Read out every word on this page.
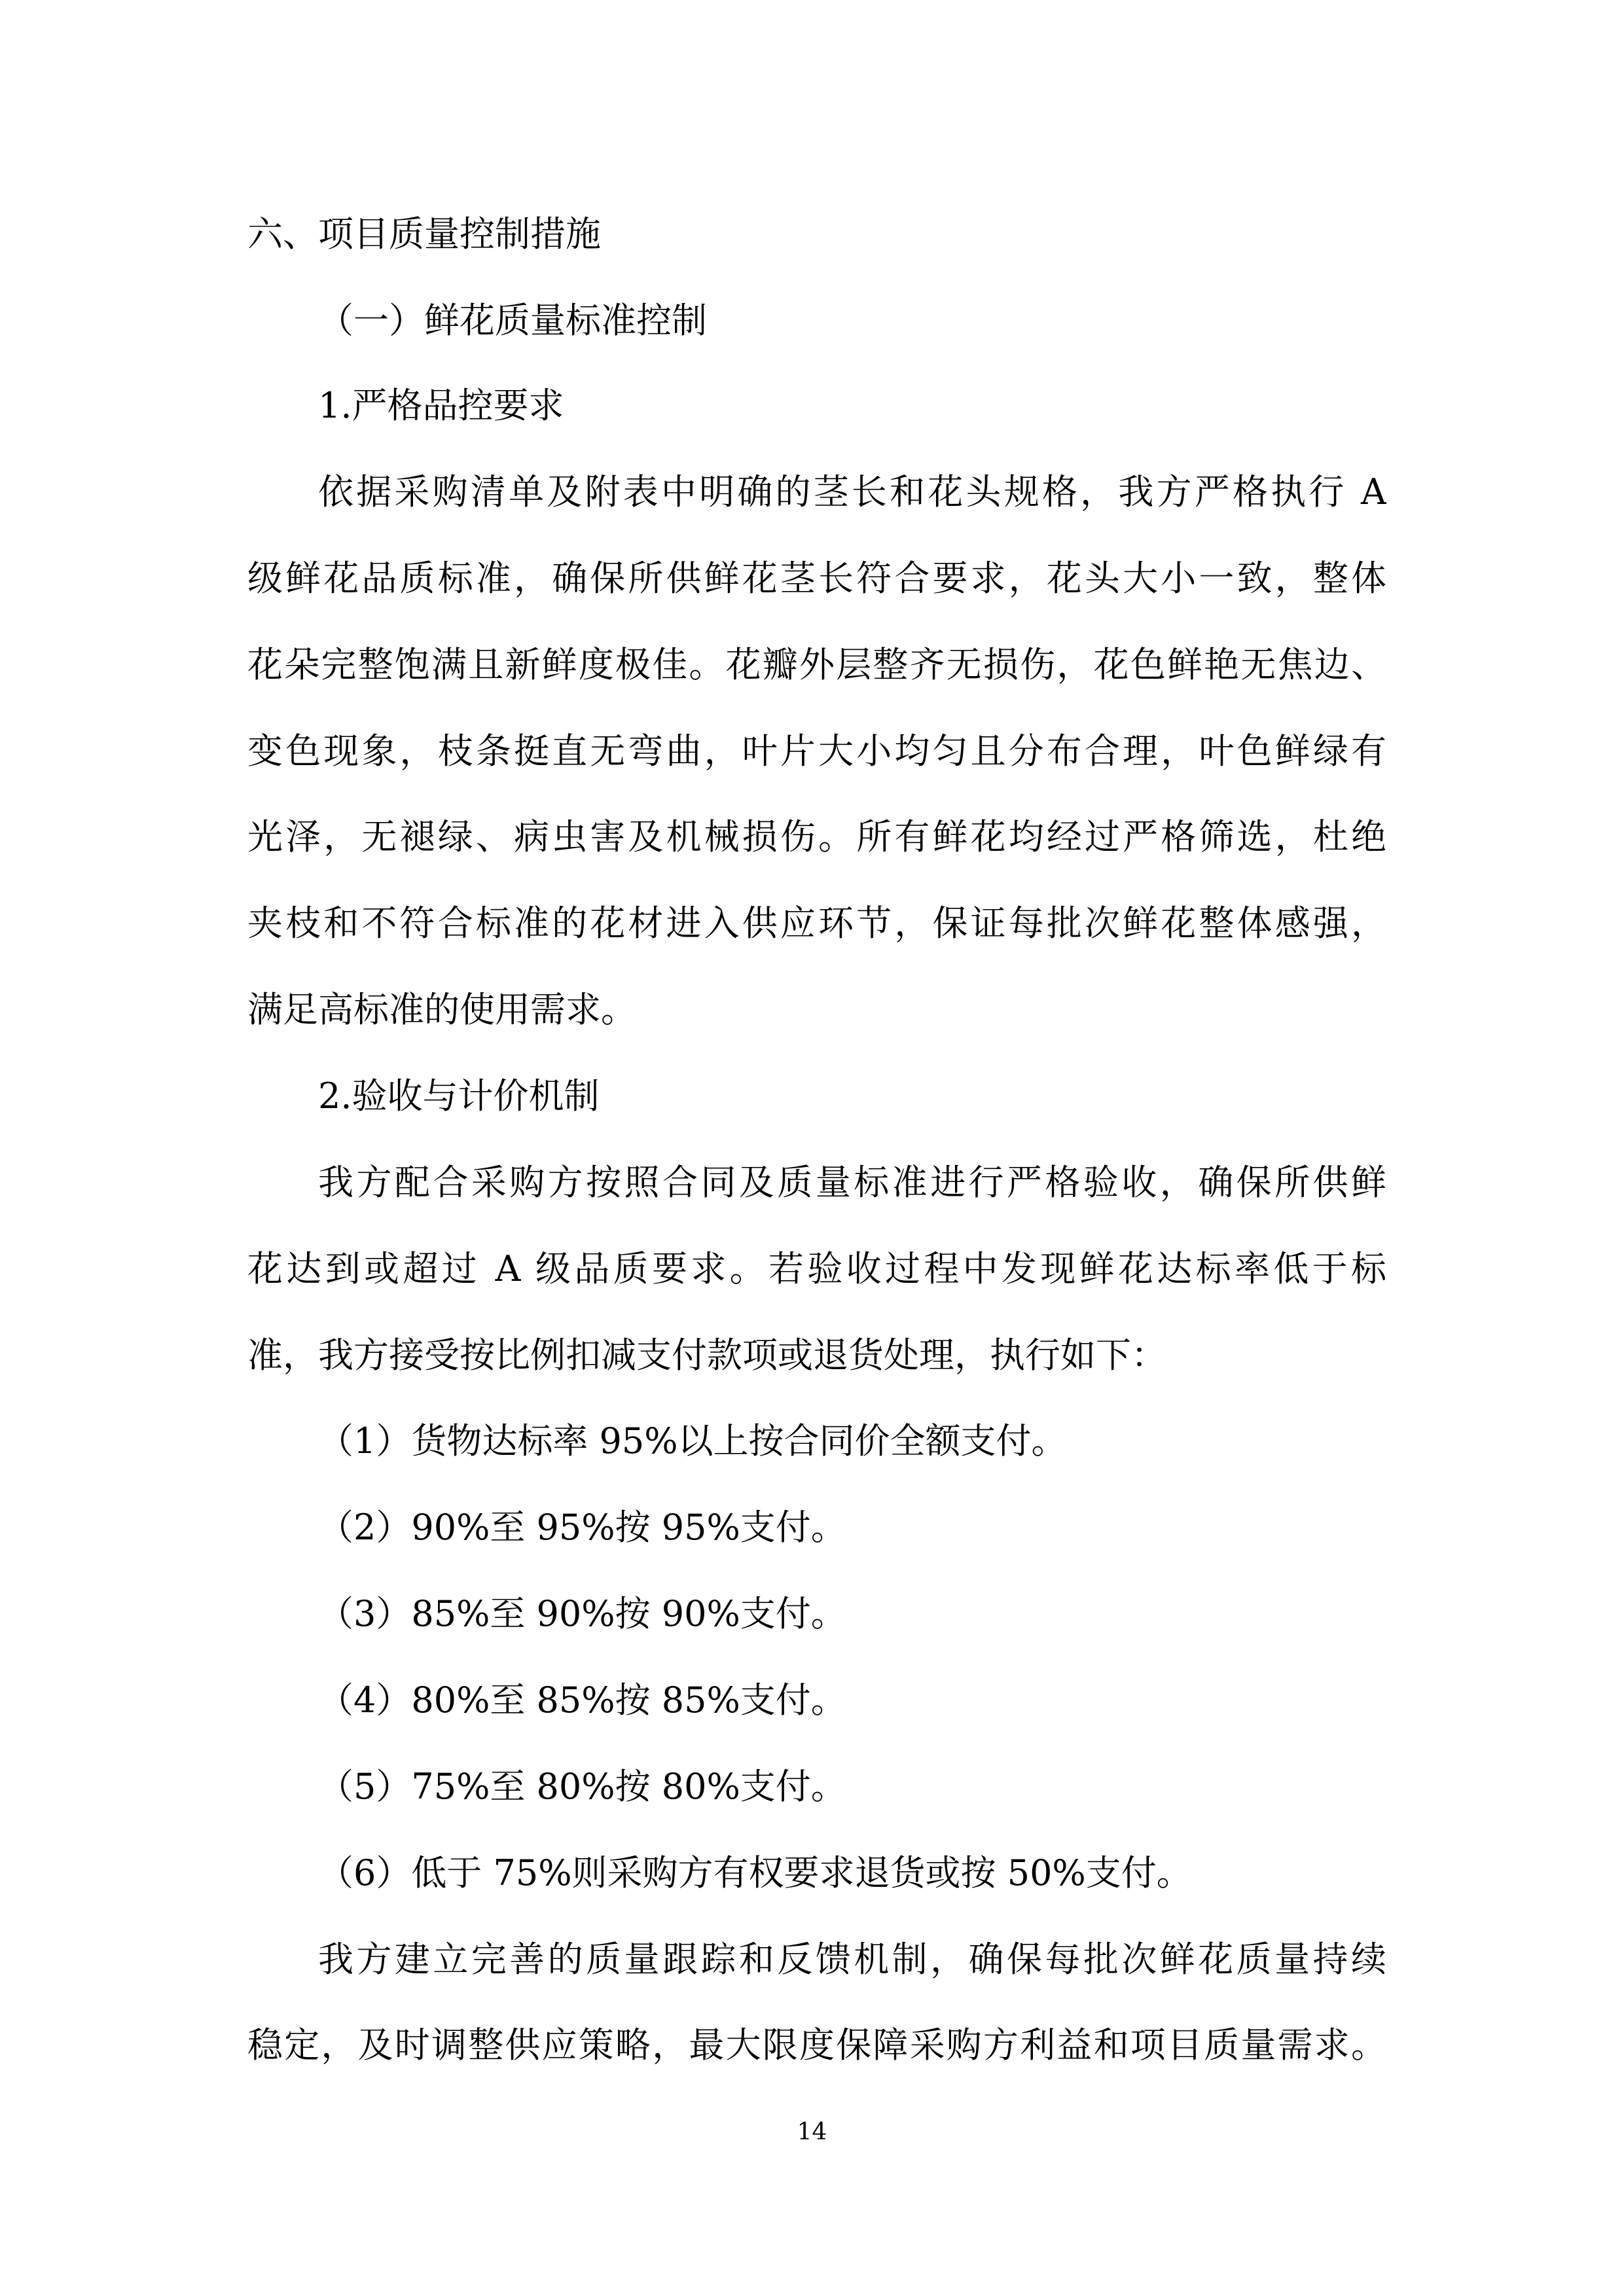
六、项目质量控制措施
（一）鲜花质量标准控制
1.严格品控要求
依据采购清单及附表中明确的茎长和花头规格，我方严格执行 A
级鲜花品质标准，确保所供鲜花茎长符合要求，花头大小一致，整体
花朵完整饱满且新鲜度极佳。花瓣外层整齐无损伤，花色鲜艳无焦边、
变色现象，枝条挺直无弯曲，叶片大小均匀且分布合理，叶色鲜绿有
光泽，无褪绿、病虫害及机械损伤。所有鲜花均经过严格筛选，杜绝
夹枝和不符合标准的花材进入供应环节，保证每批次鲜花整体感强，
满足高标准的使用需求。
2.验收与计价机制
我方配合采购方按照合同及质量标准进行严格验收，确保所供鲜
花达到或超过 A 级品质要求。若验收过程中发现鲜花达标率低于标
准，我方接受按比例扣减支付款项或退货处理，执行如下：
（1）货物达标率 95%以上按合同价全额支付。
（2）90%至 95%按 95%支付。
（3）85%至 90%按 90%支付。
（4）80%至 85%按 85%支付。
（5）75%至 80%按 80%支付。
（6）低于 75%则采购方有权要求退货或按 50%支付。
我方建立完善的质量跟踪和反馈机制，确保每批次鲜花质量持续
稳定，及时调整供应策略，最大限度保障采购方利益和项目质量需求。
14
